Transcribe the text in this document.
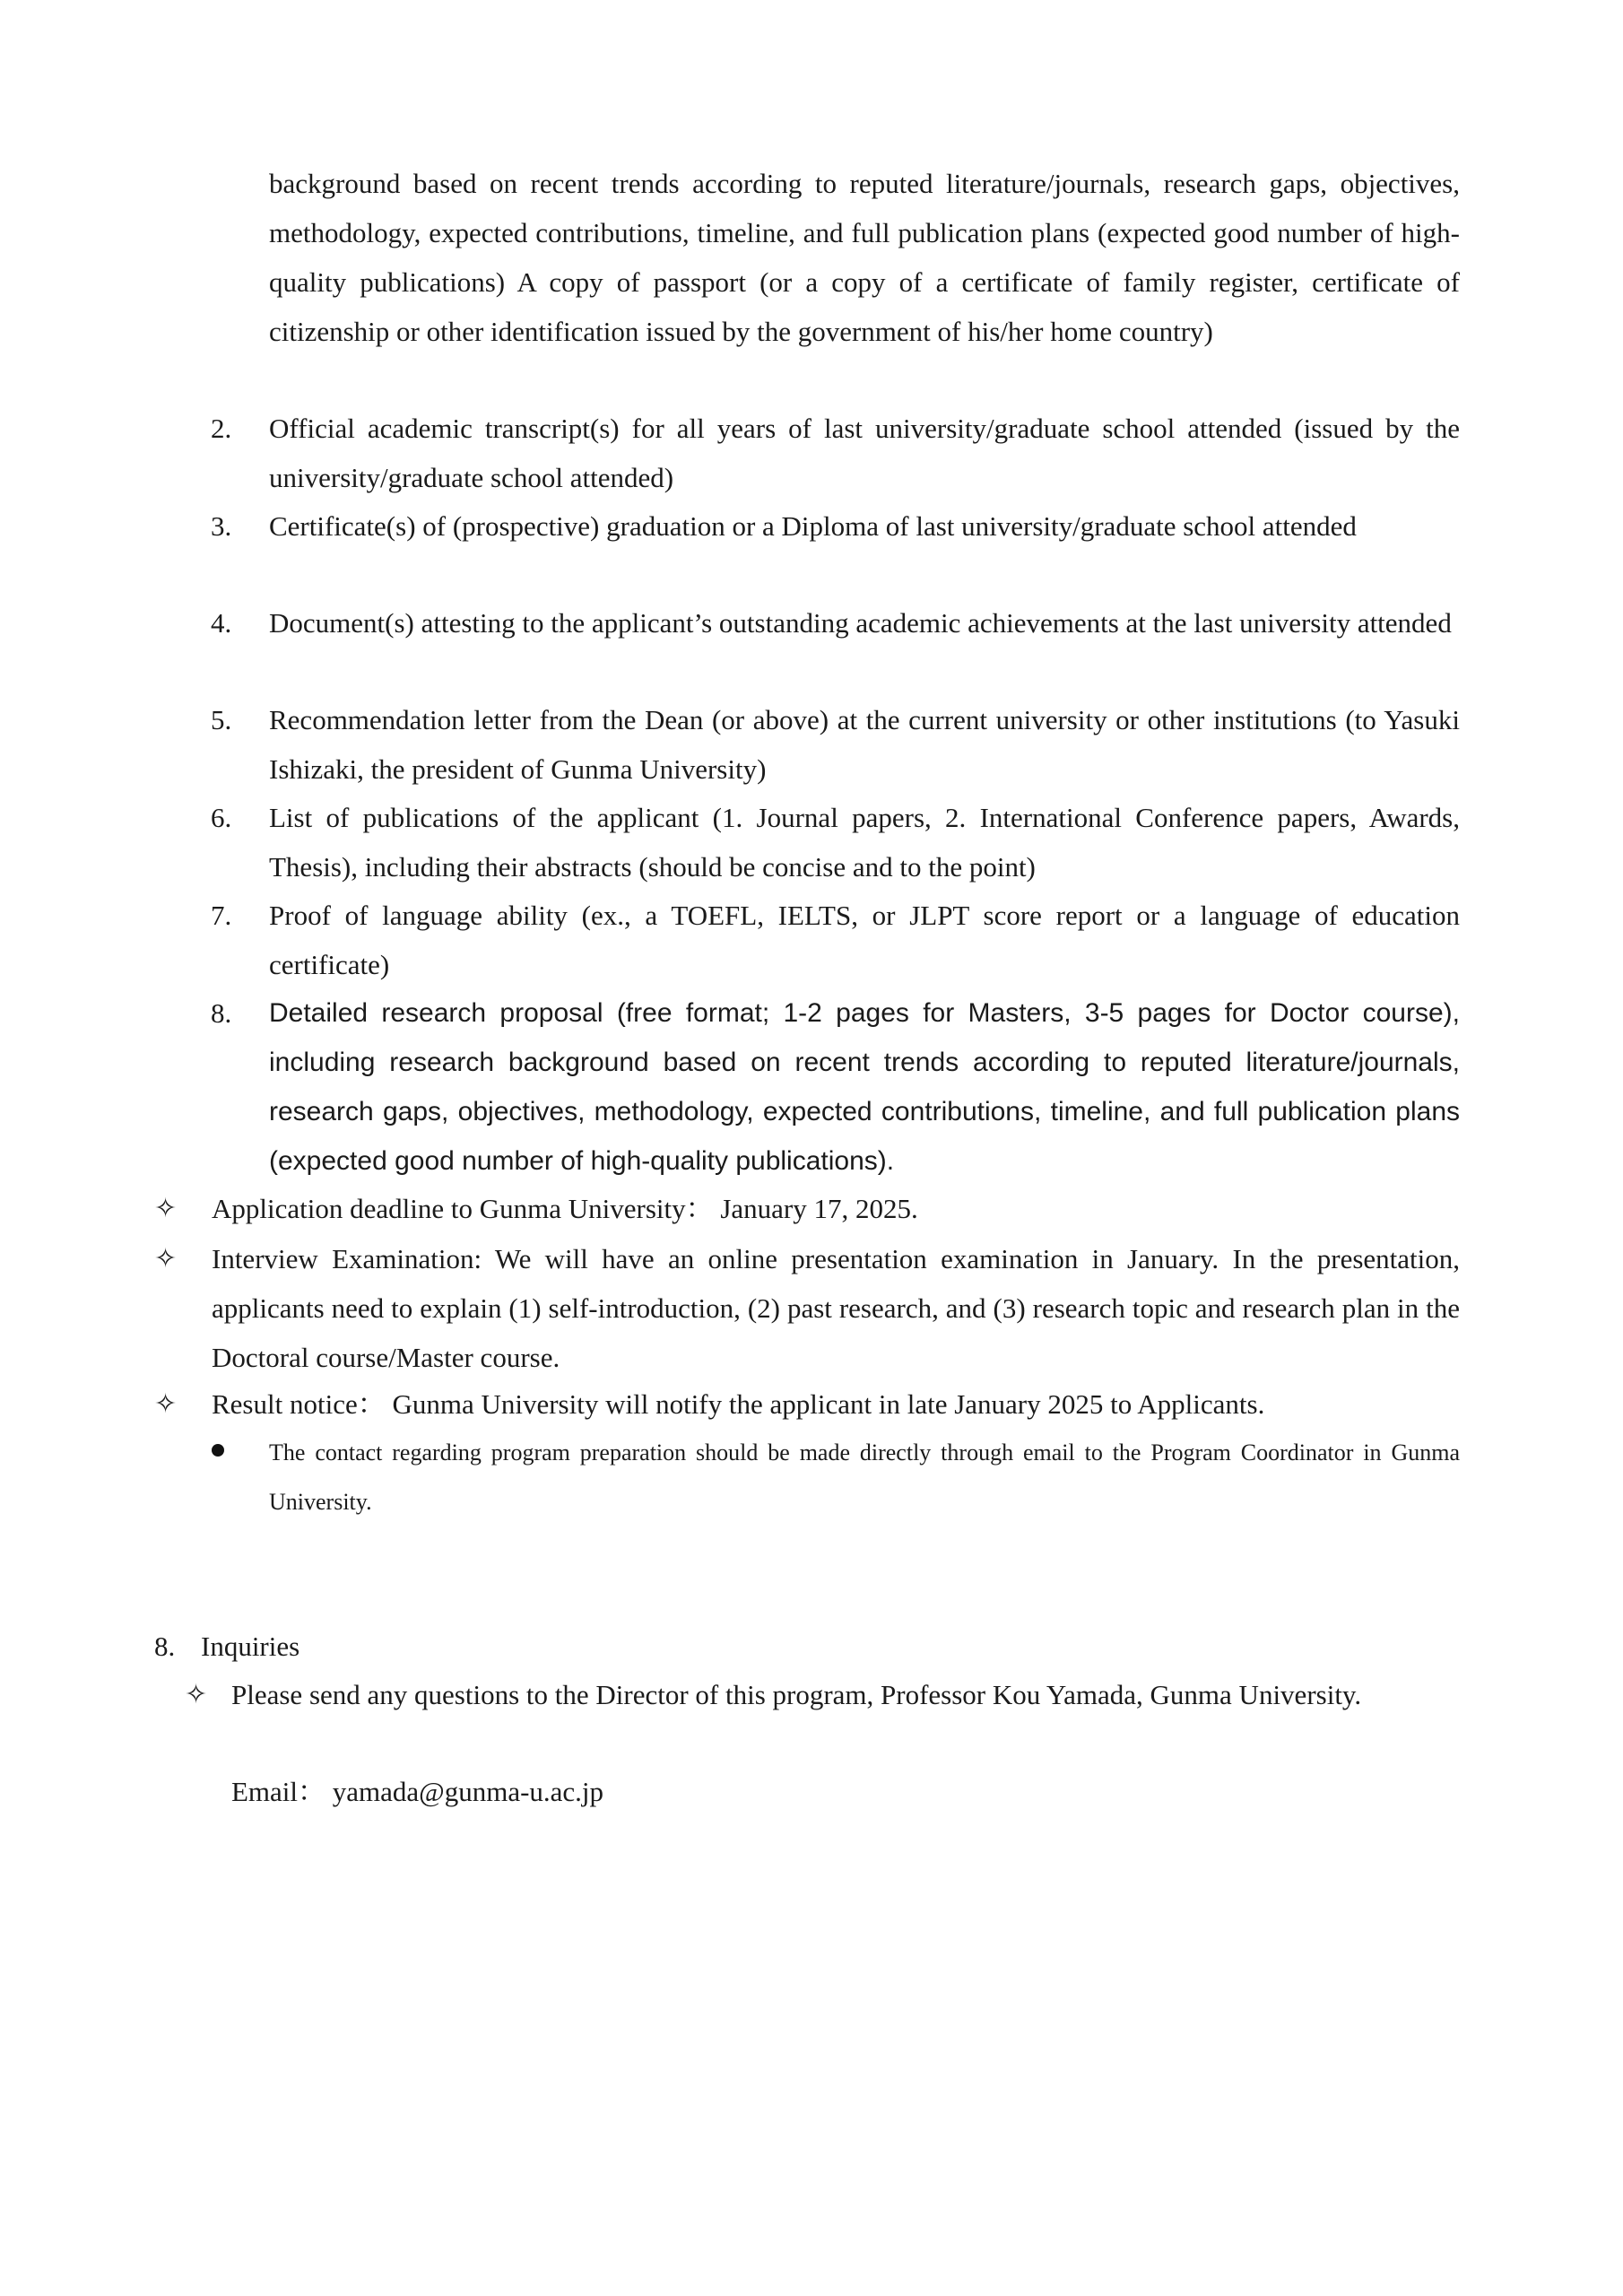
background based on recent trends according to reputed literature/journals, research gaps, objectives, methodology, expected contributions, timeline, and full publication plans (expected good number of high-quality publications) A copy of passport (or a copy of a certificate of family register, certificate of citizenship or other identification issued by the government of his/her home country)
2. Official academic transcript(s) for all years of last university/graduate school attended (issued by the university/graduate school attended)
3. Certificate(s) of (prospective) graduation or a Diploma of last university/graduate school attended
4. Document(s) attesting to the applicant’s outstanding academic achievements at the last university attended
5. Recommendation letter from the Dean (or above) at the current university or other institutions (to Yasuki Ishizaki, the president of Gunma University)
6. List of publications of the applicant (1. Journal papers, 2. International Conference papers, Awards, Thesis), including their abstracts (should be concise and to the point)
7. Proof of language ability (ex., a TOEFL, IELTS, or JLPT score report or a language of education certificate)
8. Detailed research proposal (free format; 1-2 pages for Masters, 3-5 pages for Doctor course), including research background based on recent trends according to reputed literature/journals, research gaps, objectives, methodology, expected contributions, timeline, and full publication plans (expected good number of high-quality publications).
✧ Application deadline to Gunma University： January 17, 2025.
✧ Interview Examination: We will have an online presentation examination in January. In the presentation, applicants need to explain (1) self-introduction, (2) past research, and (3) research topic and research plan in the Doctoral course/Master course.
✧ Result notice： Gunma University will notify the applicant in late January 2025 to Applicants.
The contact regarding program preparation should be made directly through email to the Program Coordinator in Gunma University.
8. Inquiries
✧ Please send any questions to the Director of this program, Professor Kou Yamada, Gunma University.
Email： yamada@gunma-u.ac.jp
